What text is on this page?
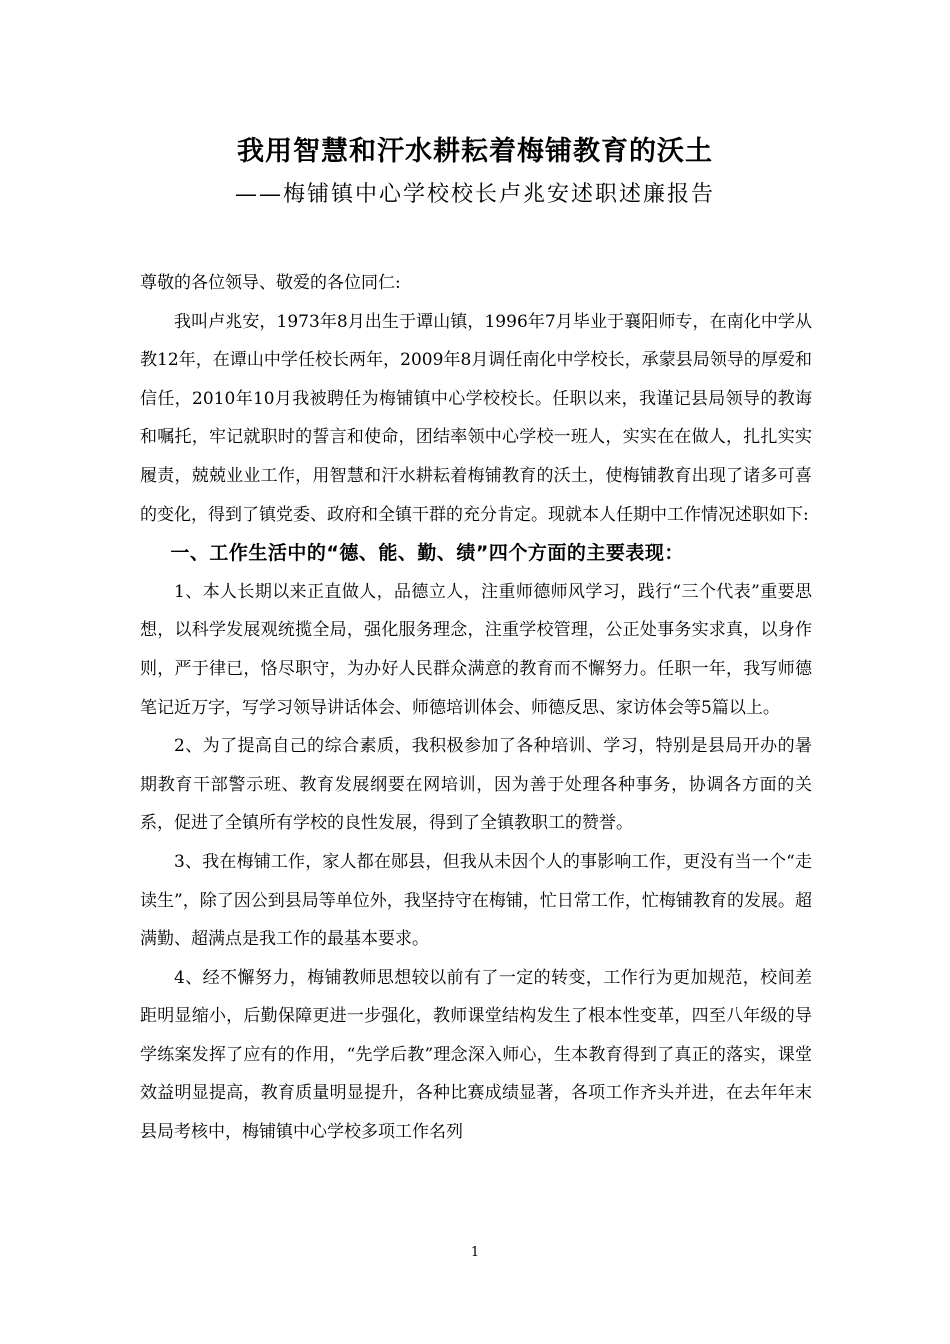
我用智慧和汗水耕耘着梅铺教育的沃土
——梅铺镇中心学校校长卢兆安述职述廉报告

尊敬的各位领导、敬爱的各位同仁:

我叫卢兆安，1973年8月出生于谭山镇，1996年7月毕业于襄阳师专，在南化中学从教12年，在谭山中学任校长两年，2009年8月调任南化中学校长，承蒙县局领导的厚爱和信任，2010年10月我被聘任为梅铺镇中心学校校长。任职以来，我谨记县局领导的教诲和嘱托，牢记就职时的誓言和使命，团结率领中心学校一班人，实实在在做人，扎扎实实履责，兢兢业业工作，用智慧和汗水耕耘着梅铺教育的沃土，使梅铺教育出现了诸多可喜的变化，得到了镇党委、政府和全镇干群的充分肯定。现就本人任期中工作情况述职如下:

一、工作生活中的“德、能、勤、绩”四个方面的主要表现：

1、本人长期以来正直做人，品德立人，注重师德师风学习，践行“三个代表”重要思想，以科学发展观统揽全局，强化服务理念，注重学校管理，公正处事务实求真，以身作则，严于律已，恪尽职守，为办好人民群众满意的教育而不懈努力。任职一年，我写师德笔记近万字，写学习领导讲话体会、师德培训体会、师德反思、家访体会等5篇以上。

2、为了提高自己的综合素质，我积极参加了各种培训、学习，特别是县局开办的暑期教育干部警示班、教育发展纲要在网培训，因为善于处理各种事务，协调各方面的关系，促进了全镇所有学校的良性发展，得到了全镇教职工的赞誉。

3、我在梅铺工作，家人都在郧县，但我从未因个人的事影响工作，更没有当一个“走读生”，除了因公到县局等单位外，我坚持守在梅铺，忙日常工作，忙梅铺教育的发展。超满勤、超满点是我工作的最基本要求。

4、经不懈努力，梅铺教师思想较以前有了一定的转变，工作行为更加规范，校间差距明显缩小，后勤保障更进一步强化，教师课堂结构发生了根本性变革，四至八年级的导学练案发挥了应有的作用，“先学后教”理念深入师心，生本教育得到了真正的落实，课堂效益明显提高，教育质量明显提升，各种比赛成绩显著，各项工作齐头并进，在去年年末县局考核中，梅铺镇中心学校多项工作名列

1
